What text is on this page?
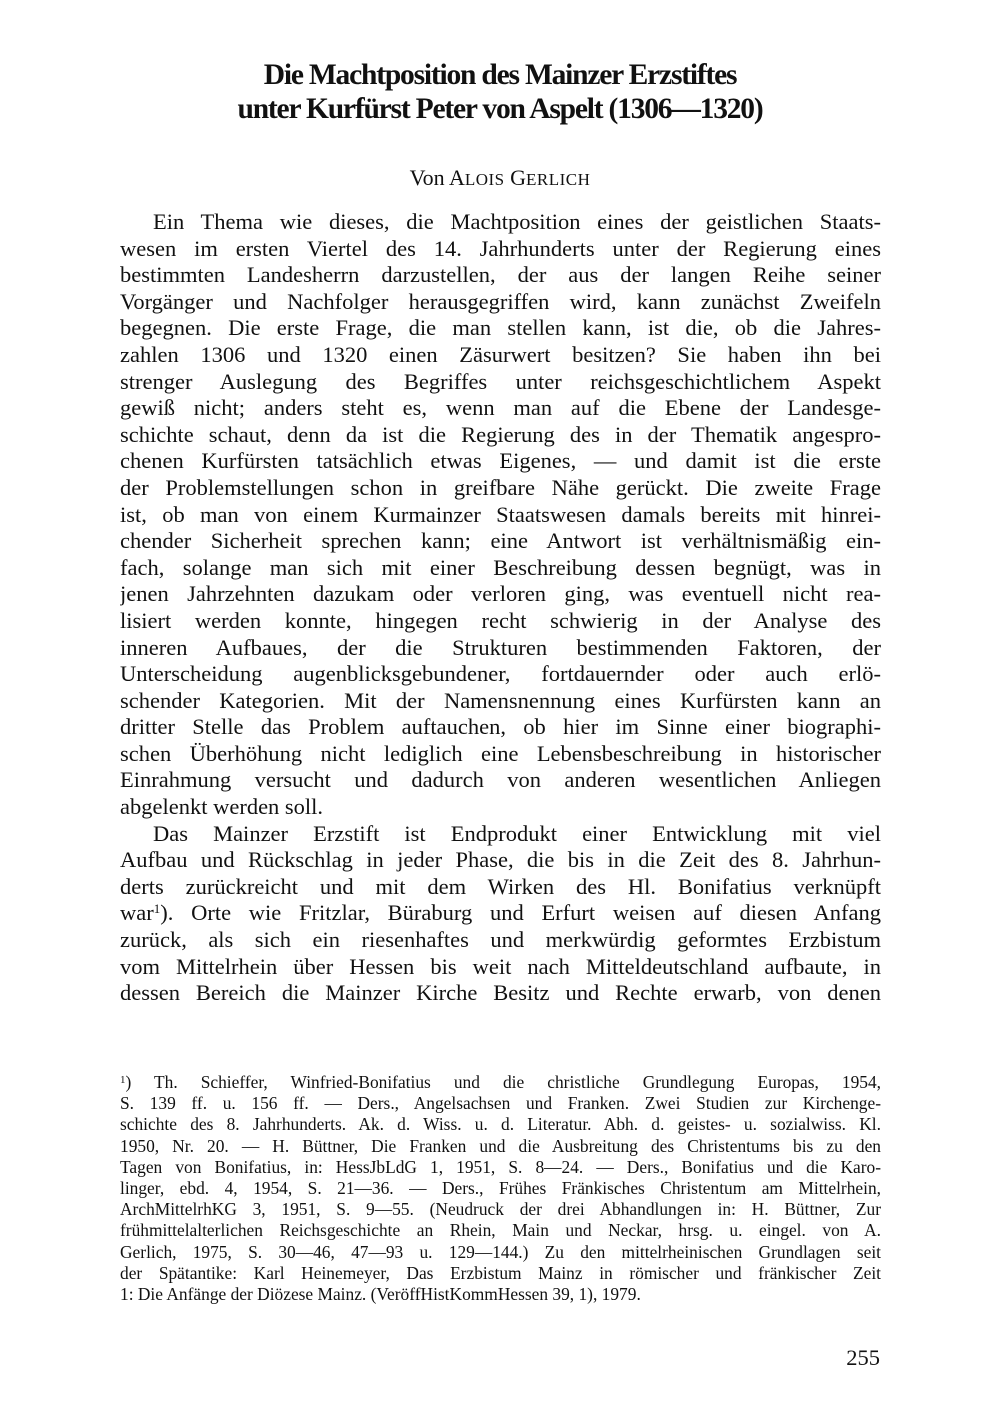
Die Machtposition des Mainzer Erzstiftes
unter Kurfürst Peter von Aspelt (1306—1320)

Von ALOIS GERLICH

Ein Thema wie dieses, die Machtposition eines der geistlichen Staats-
wesen im ersten Viertel des 14. Jahrhunderts unter der Regierung eines
bestimmten Landesherrn darzustellen, der aus der langen Reihe seiner
Vorgänger und Nachfolger herausgegriffen wird, kann zunächst Zweifeln
begegnen. Die erste Frage, die man stellen kann, ist die, ob die Jahres-
zahlen 1306 und 1320 einen Zäsurwert besitzen? Sie haben ihn bei
strenger Auslegung des Begriffes unter reichsgeschichtlichem Aspekt
gewiß nicht; anders steht es, wenn man auf die Ebene der Landesge-
schichte schaut, denn da ist die Regierung des in der Thematik angespro-
chenen Kurfürsten tatsächlich etwas Eigenes, — und damit ist die erste
der Problemstellungen schon in greifbare Nähe gerückt. Die zweite Frage
ist, ob man von einem Kurmainzer Staatswesen damals bereits mit hinrei-
chender Sicherheit sprechen kann; eine Antwort ist verhältnismäßig ein-
fach, solange man sich mit einer Beschreibung dessen begnügt, was in
jenen Jahrzehnten dazukam oder verloren ging, was eventuell nicht rea-
lisiert werden konnte, hingegen recht schwierig in der Analyse des
inneren Aufbaues, der die Strukturen bestimmenden Faktoren, der
Unterscheidung augenblicksgebundener, fortdauernder oder auch erlö-
schender Kategorien. Mit der Namensnennung eines Kurfürsten kann an
dritter Stelle das Problem auftauchen, ob hier im Sinne einer biographi-
schen Überhöhung nicht lediglich eine Lebensbeschreibung in historischer
Einrahmung versucht und dadurch von anderen wesentlichen Anliegen
abgelenkt werden soll.
Das Mainzer Erzstift ist Endprodukt einer Entwicklung mit viel
Aufbau und Rückschlag in jeder Phase, die bis in die Zeit des 8. Jahrhun-
derts zurückreicht und mit dem Wirken des Hl. Bonifatius verknüpft
war$^1$). Orte wie Fritzlar, Büraburg und Erfurt weisen auf diesen Anfang
zurück, als sich ein riesenhaftes und merkwürdig geformtes Erzbistum
vom Mittelrhein über Hessen bis weit nach Mitteldeutschland aufbaute, in
dessen Bereich die Mainzer Kirche Besitz und Rechte erwarb, von denen
$^1$) Th. Schieffer, Winfried-Bonifatius und die christliche Grundlegung Europas, 1954,
S. 139 ff. u. 156 ff. — Ders., Angelsachsen und Franken. Zwei Studien zur Kirchenge-
schichte des 8. Jahrhunderts. Ak. d. Wiss. u. d. Literatur. Abh. d. geistes- u. sozialwiss. Kl.
1950, Nr. 20. — H. Büttner, Die Franken und die Ausbreitung des Christentums bis zu den
Tagen von Bonifatius, in: HessJbLdG 1, 1951, S. 8—24. — Ders., Bonifatius und die Karo-
linger, ebd. 4, 1954, S. 21—36. — Ders., Frühes Fränkisches Christentum am Mittelrhein,
ArchMittelrhKG 3, 1951, S. 9—55. (Neudruck der drei Abhandlungen in: H. Büttner, Zur
frühmittelalterlichen Reichsgeschichte an Rhein, Main und Neckar, hrsg. u. eingel. von A.
Gerlich, 1975, S. 30—46, 47—93 u. 129—144.) Zu den mittelrheinischen Grundlagen seit
der Spätantike: Karl Heinemeyer, Das Erzbistum Mainz in römischer und fränkischer Zeit
1: Die Anfänge der Diözese Mainz. (VeröffHistKommHessen 39, 1), 1979.

255
